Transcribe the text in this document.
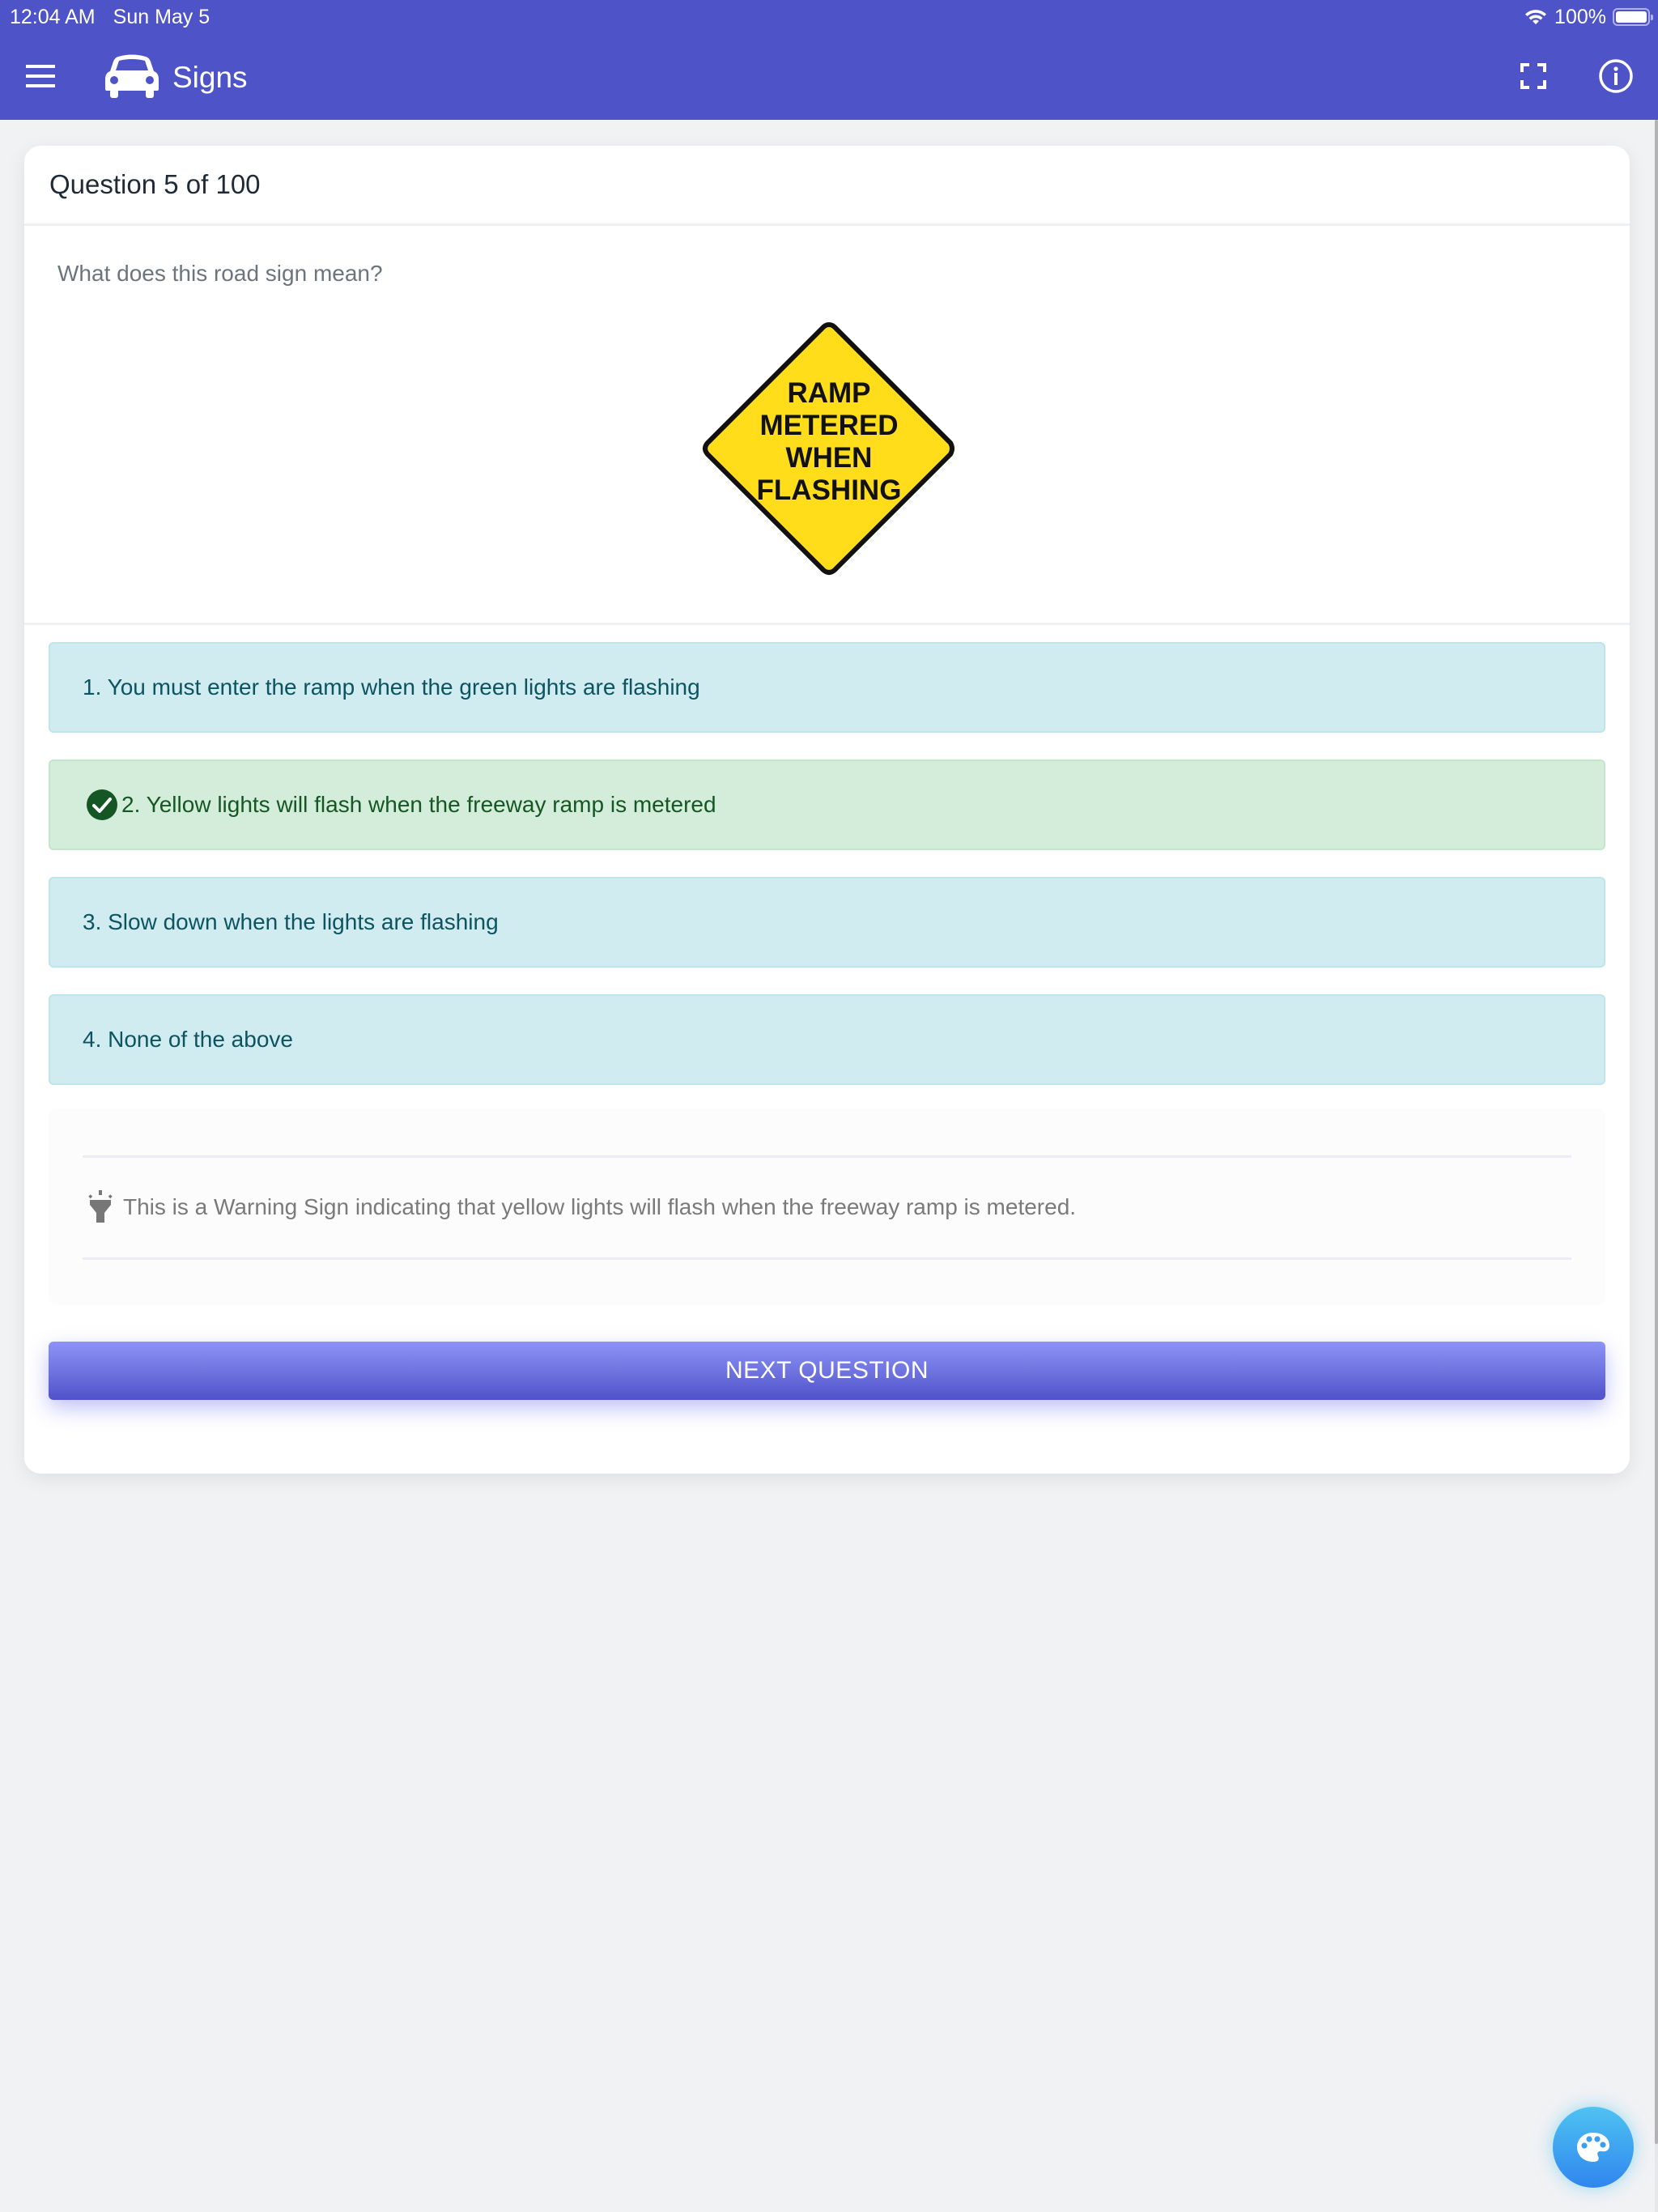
12:04 AM Sun May 5	100%
Signs
Question 5 of 100
What does this road sign mean?
RAMP
METERED
WHEN
FLASHING
1. You must enter the ramp when the green lights are flashing
2. Yellow lights will flash when the freeway ramp is metered
3. Slow down when the lights are flashing
4. None of the above
This is a Warning Sign indicating that yellow lights will flash when the freeway ramp is metered.
NEXT QUESTION
